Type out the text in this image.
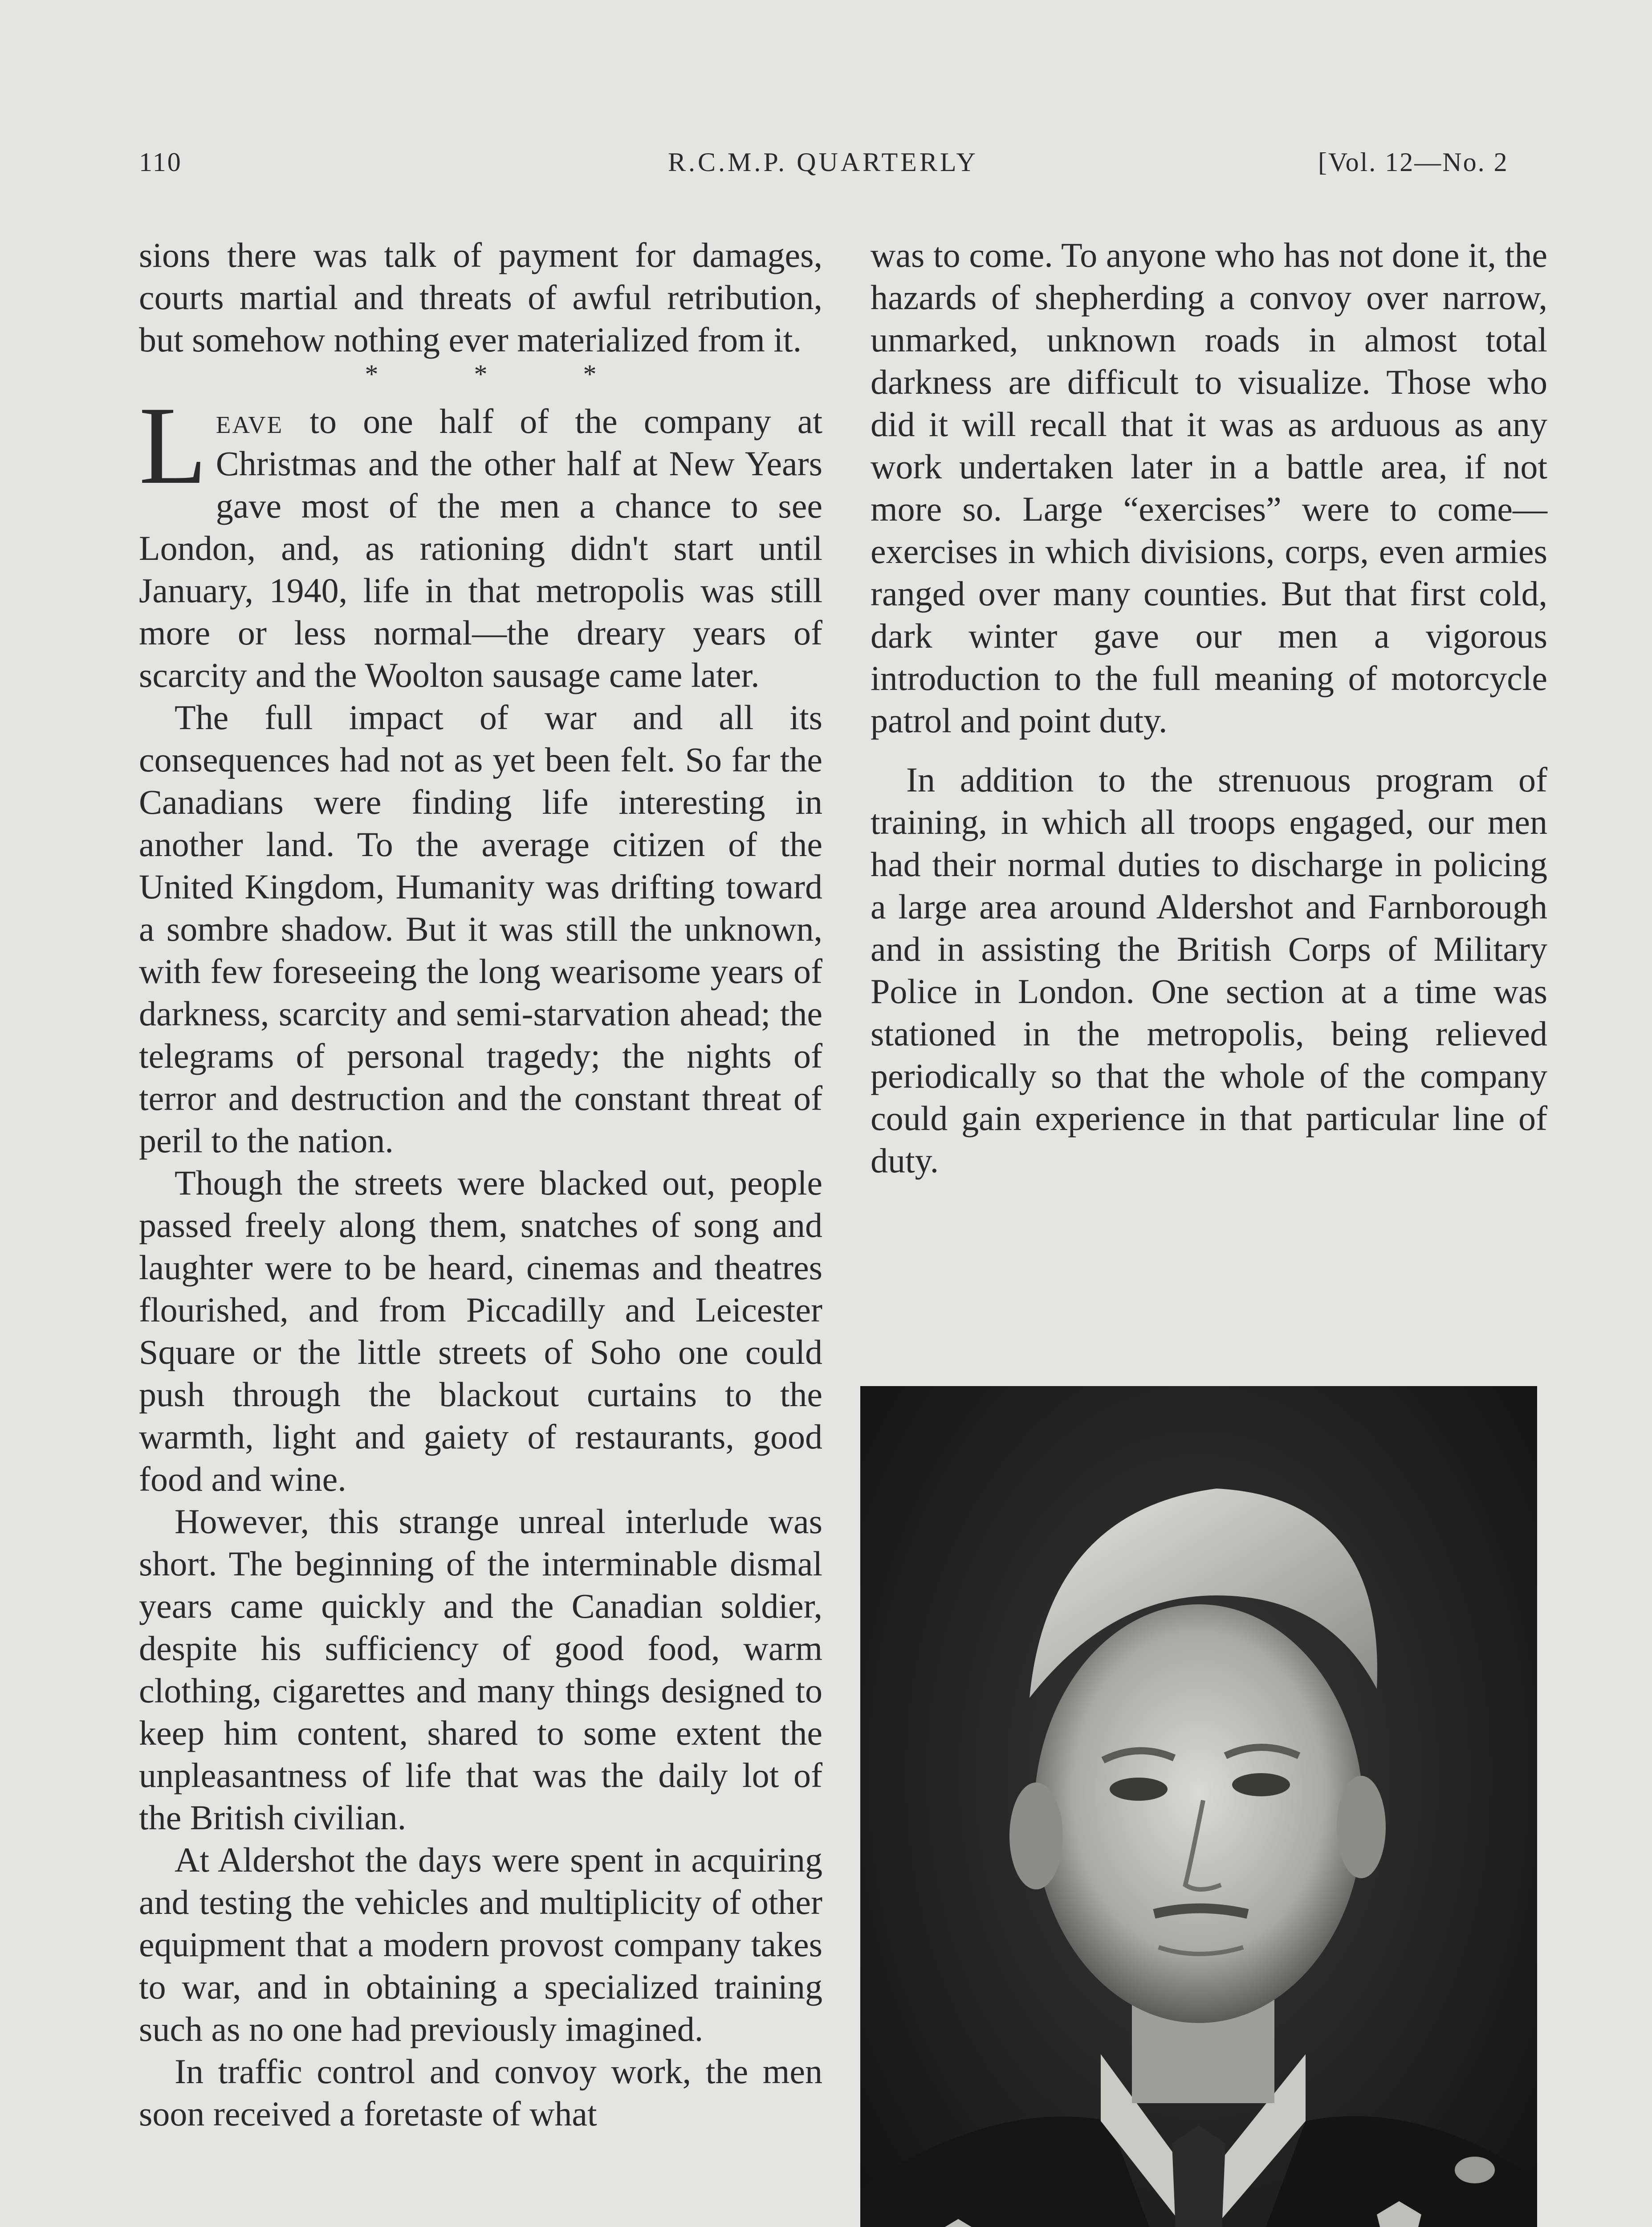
110	R.C.M.P. QUARTERLY	[Vol. 12—No. 2

sions there was talk of payment for damages, courts martial and threats of awful retribution, but somehow nothing ever materialized from it.

* * *

Leave to one half of the company at Christmas and the other half at New Years gave most of the men a chance to see London, and, as rationing didn't start until January, 1940, life in that metropolis was still more or less normal—the dreary years of scarcity and the Woolton sausage came later.

The full impact of war and all its consequences had not as yet been felt. So far the Canadians were finding life interesting in another land. To the average citizen of the United Kingdom, Humanity was drifting toward a sombre shadow. But it was still the unknown, with few foreseeing the long wearisome years of darkness, scarcity and semi-starvation ahead; the telegrams of personal tragedy; the nights of terror and destruction and the constant threat of peril to the nation.

Though the streets were blacked out, people passed freely along them, snatches of song and laughter were to be heard, cinemas and theatres flourished, and from Piccadilly and Leicester Square or the little streets of Soho one could push through the blackout curtains to the warmth, light and gaiety of restaurants, good food and wine.

However, this strange unreal interlude was short. The beginning of the interminable dismal years came quickly and the Canadian soldier, despite his sufficiency of good food, warm clothing, cigarettes and many things designed to keep him content, shared to some extent the unpleasantness of life that was the daily lot of the British civilian.

At Aldershot the days were spent in acquiring and testing the vehicles and multiplicity of other equipment that a modern provost company takes to war, and in obtaining a specialized training such as no one had previously imagined.

In traffic control and convoy work, the men soon received a foretaste of what

was to come. To anyone who has not done it, the hazards of shepherding a convoy over narrow, unmarked, unknown roads in almost total darkness are difficult to visualize. Those who did it will recall that it was as arduous as any work undertaken later in a battle area, if not more so. Large “exercises” were to come—exercises in which divisions, corps, even armies ranged over many counties. But that first cold, dark winter gave our men a vigorous introduction to the full meaning of motorcycle patrol and point duty.

In addition to the strenuous program of training, in which all troops engaged, our men had their normal duties to discharge in policing a large area around Aldershot and Farnborough and in assisting the British Corps of Military Police in London. One section at a time was stationed in the metropolis, being relieved periodically so that the whole of the company could gain experience in that particular line of duty.
